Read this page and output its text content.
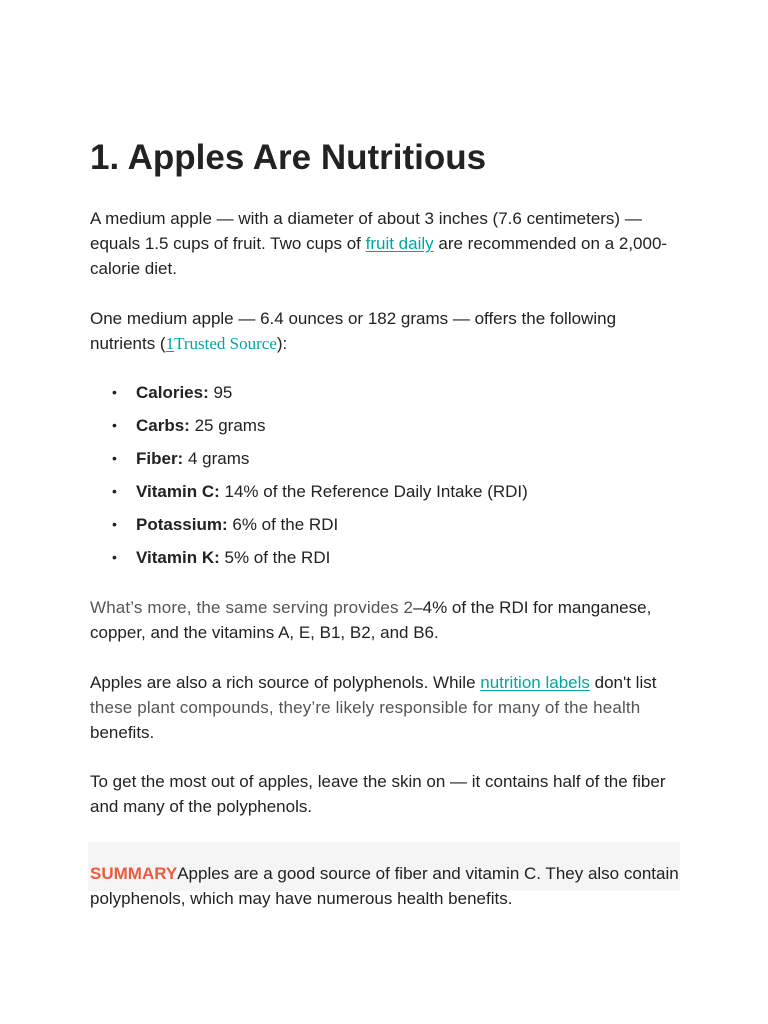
1. Apples Are Nutritious

A medium apple — with a diameter of about 3 inches (7.6 centimeters) — equals 1.5 cups of fruit. Two cups of fruit daily are recommended on a 2,000-calorie diet.

One medium apple — 6.4 ounces or 182 grams — offers the following nutrients (1Trusted Source):

• Calories: 95
• Carbs: 25 grams
• Fiber: 4 grams
• Vitamin C: 14% of the Reference Daily Intake (RDI)
• Potassium: 6% of the RDI
• Vitamin K: 5% of the RDI

What’s more, the same serving provides 2–4% of the RDI for manganese, copper, and the vitamins A, E, B1, B2, and B6.

Apples are also a rich source of polyphenols. While nutrition labels don't list these plant compounds, they’re likely responsible for many of the health benefits.

To get the most out of apples, leave the skin on — it contains half of the fiber and many of the polyphenols.

SUMMARYApples are a good source of fiber and vitamin C. They also contain polyphenols, which may have numerous health benefits.
